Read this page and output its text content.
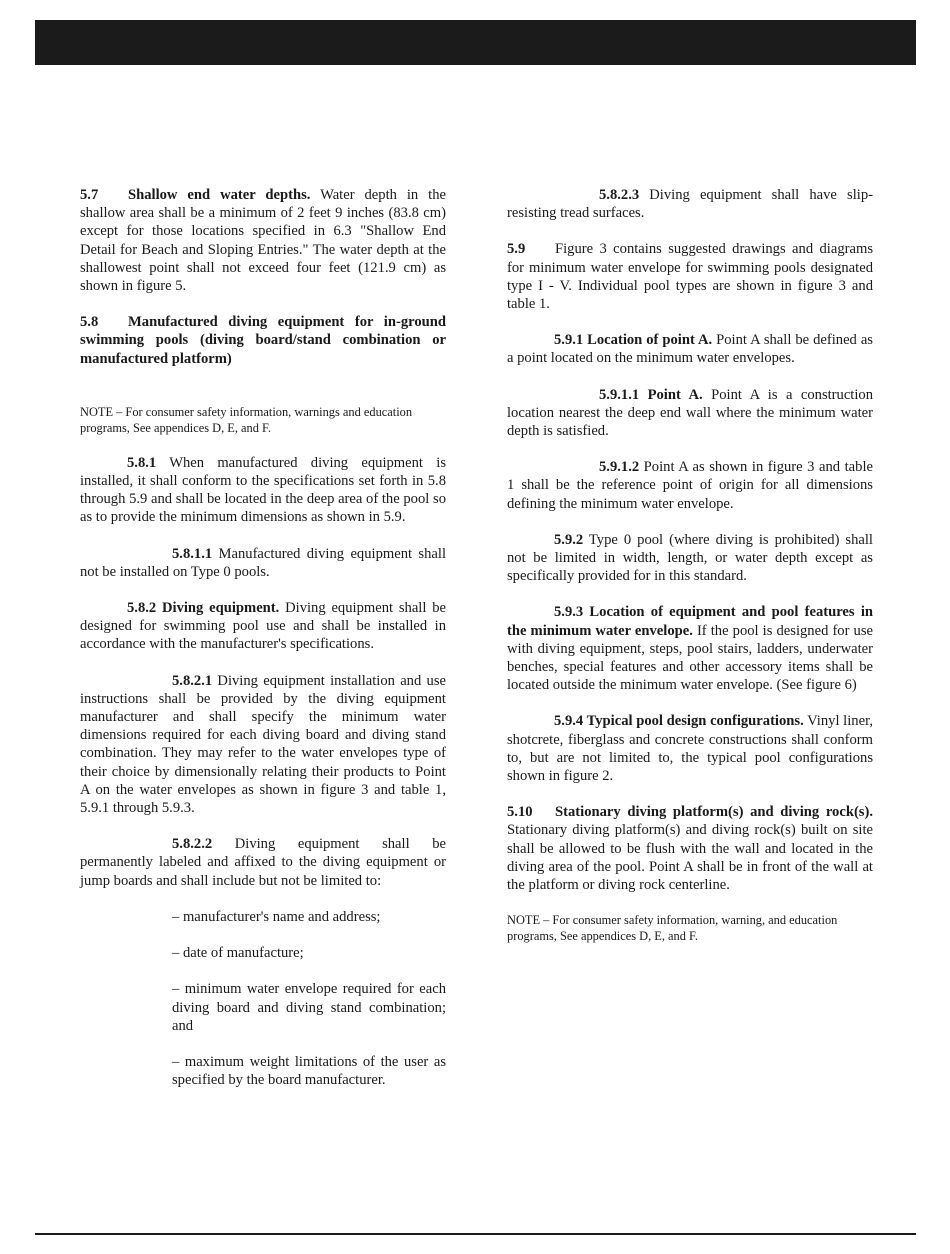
5.7 Shallow end water depths. Water depth in the shallow area shall be a minimum of 2 feet 9 inches (83.8 cm) except for those locations specified in 6.3 "Shallow End Detail for Beach and Sloping Entries." The water depth at the shallowest point shall not exceed four feet (121.9 cm) as shown in figure 5.

5.8 Manufactured diving equipment for in-ground swimming pools (diving board/stand combination or manufactured platform)

NOTE – For consumer safety information, warnings and education programs, See appendices D, E, and F.

5.8.1 When manufactured diving equipment is installed, it shall conform to the specifications set forth in 5.8 through 5.9 and shall be located in the deep area of the pool so as to provide the minimum dimensions as shown in 5.9.

5.8.1.1 Manufactured diving equipment shall not be installed on Type 0 pools.

5.8.2 Diving equipment. Diving equipment shall be designed for swimming pool use and shall be installed in accordance with the manufacturer's specifications.

5.8.2.1 Diving equipment installation and use instructions shall be provided by the diving equipment manufacturer and shall specify the minimum water dimensions required for each diving board and diving stand combination. They may refer to the water envelopes type of their choice by dimensionally relating their products to Point A on the water envelopes as shown in figure 3 and table 1, 5.9.1 through 5.9.3.

5.8.2.2 Diving equipment shall be permanently labeled and affixed to the diving equipment or jump boards and shall include but not be limited to:

– manufacturer's name and address;

– date of manufacture;

– minimum water envelope required for each diving board and diving stand combination; and

– maximum weight limitations of the user as specified by the board manufacturer.

5.8.2.3 Diving equipment shall have slip-resisting tread surfaces.

5.9 Figure 3 contains suggested drawings and diagrams for minimum water envelope for swimming pools designated type I - V. Individual pool types are shown in figure 3 and table 1.

5.9.1 Location of point A. Point A shall be defined as a point located on the minimum water envelopes.

5.9.1.1 Point A. Point A is a construction location nearest the deep end wall where the minimum water depth is satisfied.

5.9.1.2 Point A as shown in figure 3 and table 1 shall be the reference point of origin for all dimensions defining the minimum water envelope.

5.9.2 Type 0 pool (where diving is prohibited) shall not be limited in width, length, or water depth except as specifically provided for in this standard.

5.9.3 Location of equipment and pool features in the minimum water envelope. If the pool is designed for use with diving equipment, steps, pool stairs, ladders, underwater benches, special features and other accessory items shall be located outside the minimum water envelope. (See figure 6)

5.9.4 Typical pool design configurations. Vinyl liner, shotcrete, fiberglass and concrete constructions shall conform to, but are not limited to, the typical pool configurations shown in figure 2.

5.10 Stationary diving platform(s) and diving rock(s). Stationary diving platform(s) and diving rock(s) built on site shall be allowed to be flush with the wall and located in the diving area of the pool. Point A shall be in front of the wall at the platform or diving rock centerline.

NOTE – For consumer safety information, warning, and education programs, See appendices D, E, and F.
